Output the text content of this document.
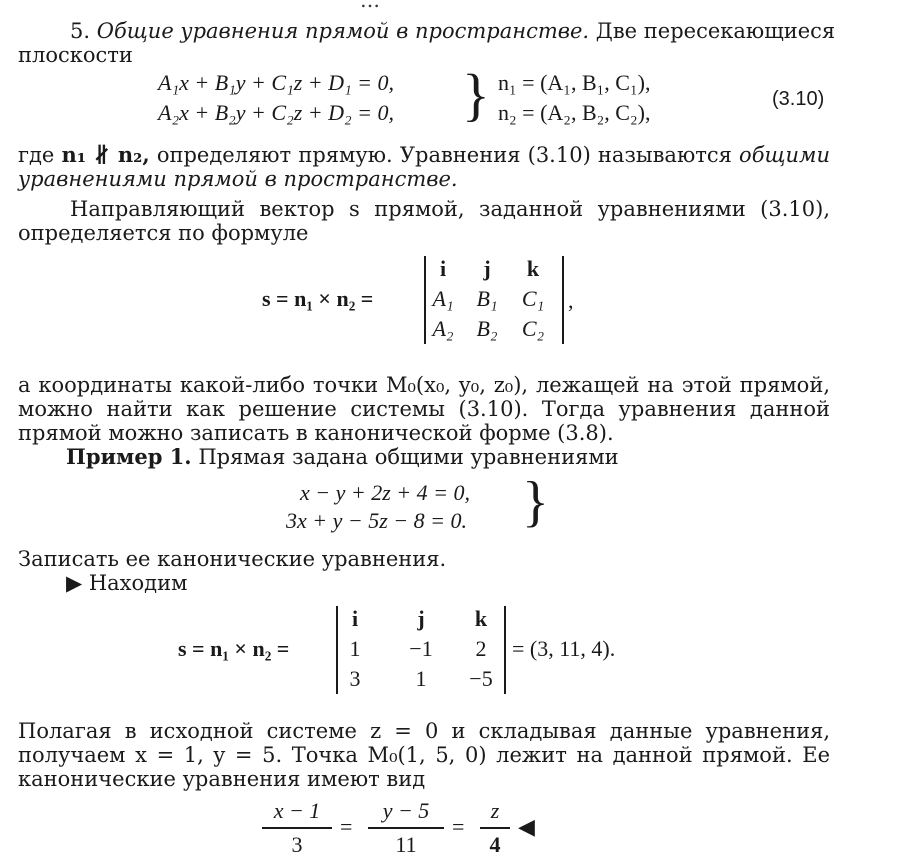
…
5. Общие уравнения прямой в пространстве. Две пересекающиеся
плоскости
A₁x + B₁y + C₁z + D₁ = 0,
A₂x + B₂y + C₂z + D₂ = 0, } n₁ = (A₁, B₁, C₁),
n₂ = (A₂, B₂, C₂),
(3.10)
где n₁ ∦ n₂, определяют прямую. Уравнения (3.10) называются общими
уравнениями прямой в пространстве.
Направляющий вектор s прямой, заданной уравнениями (3.10),
определяется по формуле
s = n₁ × n₂ =
i	j	k
A₁	B₁	C₁
A₂	B₂	C₂
,
а координаты какой-либо точки M₀(x₀, y₀, z₀), лежащей на этой прямой,
можно найти как решение системы (3.10). Тогда уравнения данной
прямой можно записать в канонической форме (3.8).
Пример 1. Прямая задана общими уравнениями
x − y + 2z + 4 = 0,
3x + y − 5z − 8 = 0. }
Записать ее канонические уравнения.
▶ Находим
s = n₁ × n₂ =
i	j	k
1	−1	2
3	1	−5
= (3, 11, 4).
Полагая в исходной системе z = 0 и складывая данные уравнения,
получаем x = 1, y = 5. Точка M₀(1, 5, 0) лежит на данной прямой. Ее
канонические уравнения имеют вид
x − 1
3
=
y − 5
11
=
z
4
◀
